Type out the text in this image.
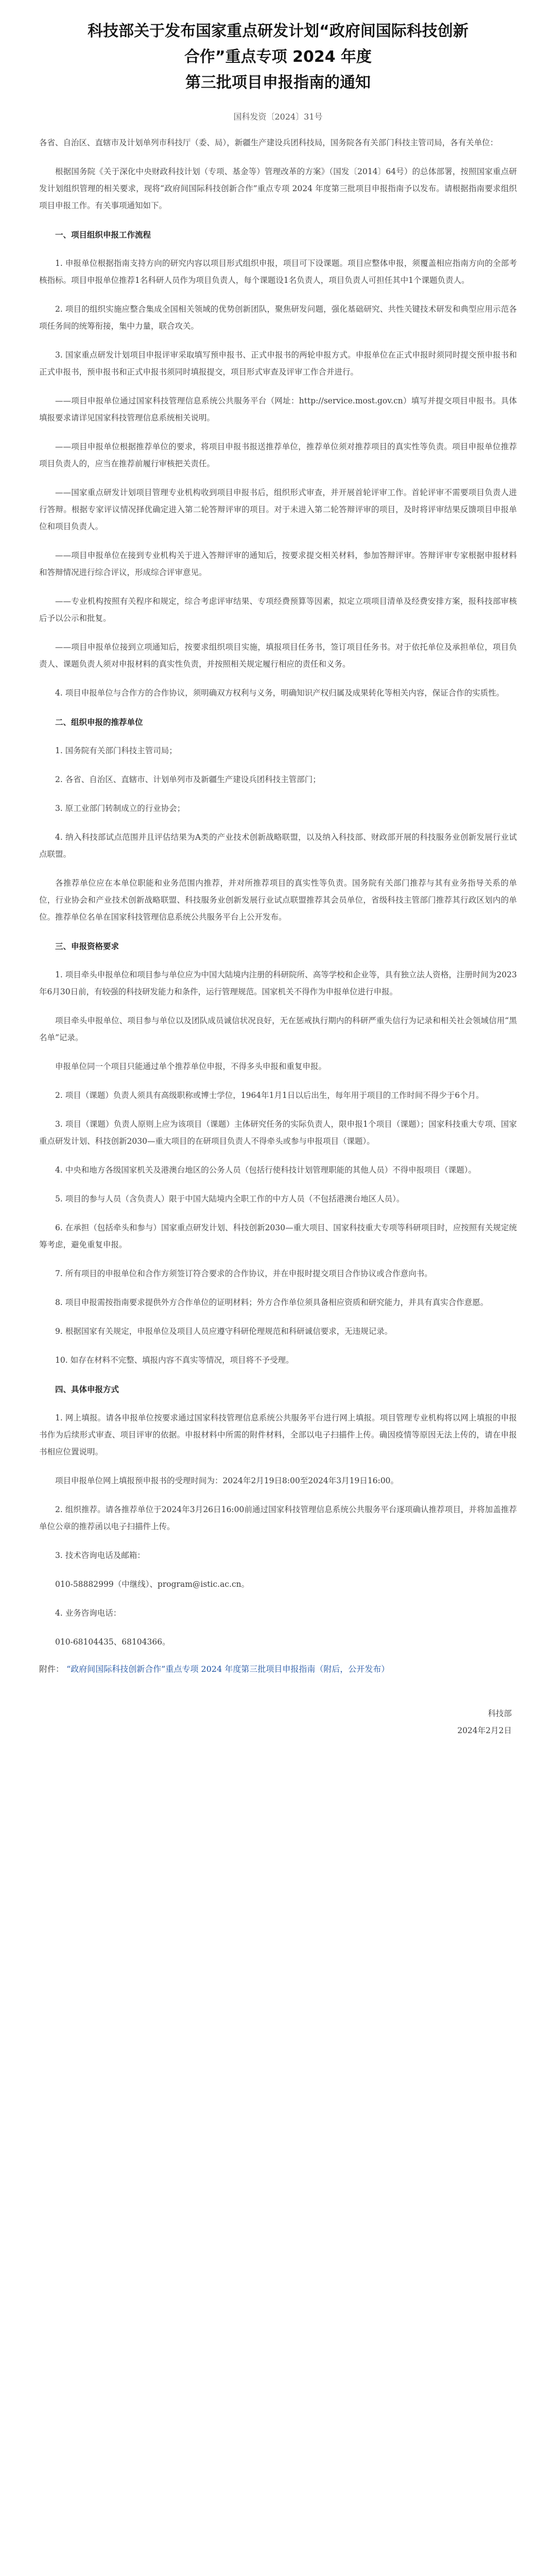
科技部关于发布国家重点研发计划“政府间国际科技创新
合作”重点专项 2024 年度
第三批项目申报指南的通知
国科发资〔2024〕31号

各省、自治区、直辖市及计划单列市科技厅（委、局），新疆生产建设兵团科技局，国务院各有关部门科技主管司局，各有关单位：

根据国务院《关于深化中央财政科技计划（专项、基金等）管理改革的方案》（国发〔2014〕64号）的总体部署，按照国家重点研发计划组织管理的相关要求，现将“政府间国际科技创新合作”重点专项 2024 年度第三批项目申报指南予以发布。请根据指南要求组织项目申报工作。有关事项通知如下。

一、项目组织申报工作流程

1. 申报单位根据指南支持方向的研究内容以项目形式组织申报，项目可下设课题。项目应整体申报，须覆盖相应指南方向的全部考核指标。项目申报单位推荐1名科研人员作为项目负责人，每个课题设1名负责人，项目负责人可担任其中1个课题负责人。

2. 项目的组织实施应整合集成全国相关领域的优势创新团队，聚焦研发问题，强化基础研究、共性关键技术研发和典型应用示范各项任务间的统筹衔接，集中力量，联合攻关。

3. 国家重点研发计划项目申报评审采取填写预申报书、正式申报书的两轮申报方式。申报单位在正式申报时须同时提交预申报书和正式申报书，预申报书和正式申报书须同时填报提交，项目形式审查及评审工作合并进行。

——项目申报单位通过国家科技管理信息系统公共服务平台（网址：http://service.most.gov.cn）填写并提交项目申报书。具体填报要求请详见国家科技管理信息系统相关说明。

——项目申报单位根据推荐单位的要求，将项目申报书报送推荐单位，推荐单位须对推荐项目的真实性等负责。项目申报单位推荐项目负责人的，应当在推荐前履行审核把关责任。

——国家重点研发计划项目管理专业机构收到项目申报书后，组织形式审查，并开展首轮评审工作。首轮评审不需要项目负责人进行答辩。根据专家评议情况择优确定进入第二轮答辩评审的项目。对于未进入第二轮答辩评审的项目，及时将评审结果反馈项目申报单位和项目负责人。

——项目申报单位在接到专业机构关于进入答辩评审的通知后，按要求提交相关材料，参加答辩评审。答辩评审专家根据申报材料和答辩情况进行综合评议，形成综合评审意见。

——专业机构按照有关程序和规定，综合考虑评审结果、专项经费预算等因素，拟定立项项目清单及经费安排方案，报科技部审核后予以公示和批复。

——项目申报单位接到立项通知后，按要求组织项目实施，填报项目任务书，签订项目任务书。对于依托单位及承担单位，项目负责人、课题负责人须对申报材料的真实性负责，并按照相关规定履行相应的责任和义务。

4. 项目申报单位与合作方的合作协议，须明确双方权利与义务，明确知识产权归属及成果转化等相关内容，保证合作的实质性。

二、组织申报的推荐单位

1. 国务院有关部门科技主管司局；

2. 各省、自治区、直辖市、计划单列市及新疆生产建设兵团科技主管部门；

3. 原工业部门转制成立的行业协会；

4. 纳入科技部试点范围并且评估结果为A类的产业技术创新战略联盟，以及纳入科技部、财政部开展的科技服务业创新发展行业试点联盟。

各推荐单位应在本单位职能和业务范围内推荐，并对所推荐项目的真实性等负责。国务院有关部门推荐与其有业务指导关系的单位，行业协会和产业技术创新战略联盟、科技服务业创新发展行业试点联盟推荐其会员单位，省级科技主管部门推荐其行政区划内的单位。推荐单位名单在国家科技管理信息系统公共服务平台上公开发布。

三、申报资格要求

1. 项目牵头申报单位和项目参与单位应为中国大陆境内注册的科研院所、高等学校和企业等，具有独立法人资格，注册时间为2023年6月30日前，有较强的科技研发能力和条件，运行管理规范。国家机关不得作为申报单位进行申报。

项目牵头申报单位、项目参与单位以及团队成员诚信状况良好，无在惩戒执行期内的科研严重失信行为记录和相关社会领域信用“黑名单”记录。

申报单位同一个项目只能通过单个推荐单位申报，不得多头申报和重复申报。

2. 项目（课题）负责人须具有高级职称或博士学位，1964年1月1日以后出生，每年用于项目的工作时间不得少于6个月。

3. 项目（课题）负责人原则上应为该项目（课题）主体研究任务的实际负责人，限申报1个项目（课题）；国家科技重大专项、国家重点研发计划、科技创新2030—重大项目的在研项目负责人不得牵头或参与申报项目（课题）。

4. 中央和地方各级国家机关及港澳台地区的公务人员（包括行使科技计划管理职能的其他人员）不得申报项目（课题）。

5. 项目的参与人员（含负责人）限于中国大陆境内全职工作的中方人员（不包括港澳台地区人员）。

6. 在承担（包括牵头和参与）国家重点研发计划、科技创新2030—重大项目、国家科技重大专项等科研项目时，应按照有关规定统筹考虑，避免重复申报。

7. 所有项目的申报单位和合作方须签订符合要求的合作协议，并在申报时提交项目合作协议或合作意向书。

8. 项目申报需按指南要求提供外方合作单位的证明材料；外方合作单位须具备相应资质和研究能力，并具有真实合作意愿。

9. 根据国家有关规定，申报单位及项目人员应遵守科研伦理规范和科研诚信要求，无违规记录。

10. 如存在材料不完整、填报内容不真实等情况，项目将不予受理。

四、具体申报方式

1. 网上填报。请各申报单位按要求通过国家科技管理信息系统公共服务平台进行网上填报。项目管理专业机构将以网上填报的申报书作为后续形式审查、项目评审的依据。申报材料中所需的附件材料，全部以电子扫描件上传。确因疫情等原因无法上传的，请在申报书相应位置说明。

项目申报单位网上填报预申报书的受理时间为：2024年2月19日8:00至2024年3月19日16:00。

2. 组织推荐。请各推荐单位于2024年3月26日16:00前通过国家科技管理信息系统公共服务平台逐项确认推荐项目，并将加盖推荐单位公章的推荐函以电子扫描件上传。

3. 技术咨询电话及邮箱：

010-58882999（中继线）、program@istic.ac.cn。

4. 业务咨询电话：

010-68104435、68104366。

附件： “政府间国际科技创新合作”重点专项 2024 年度第三批项目申报指南（附后，公开发布）
科技部
2024年2月2日
